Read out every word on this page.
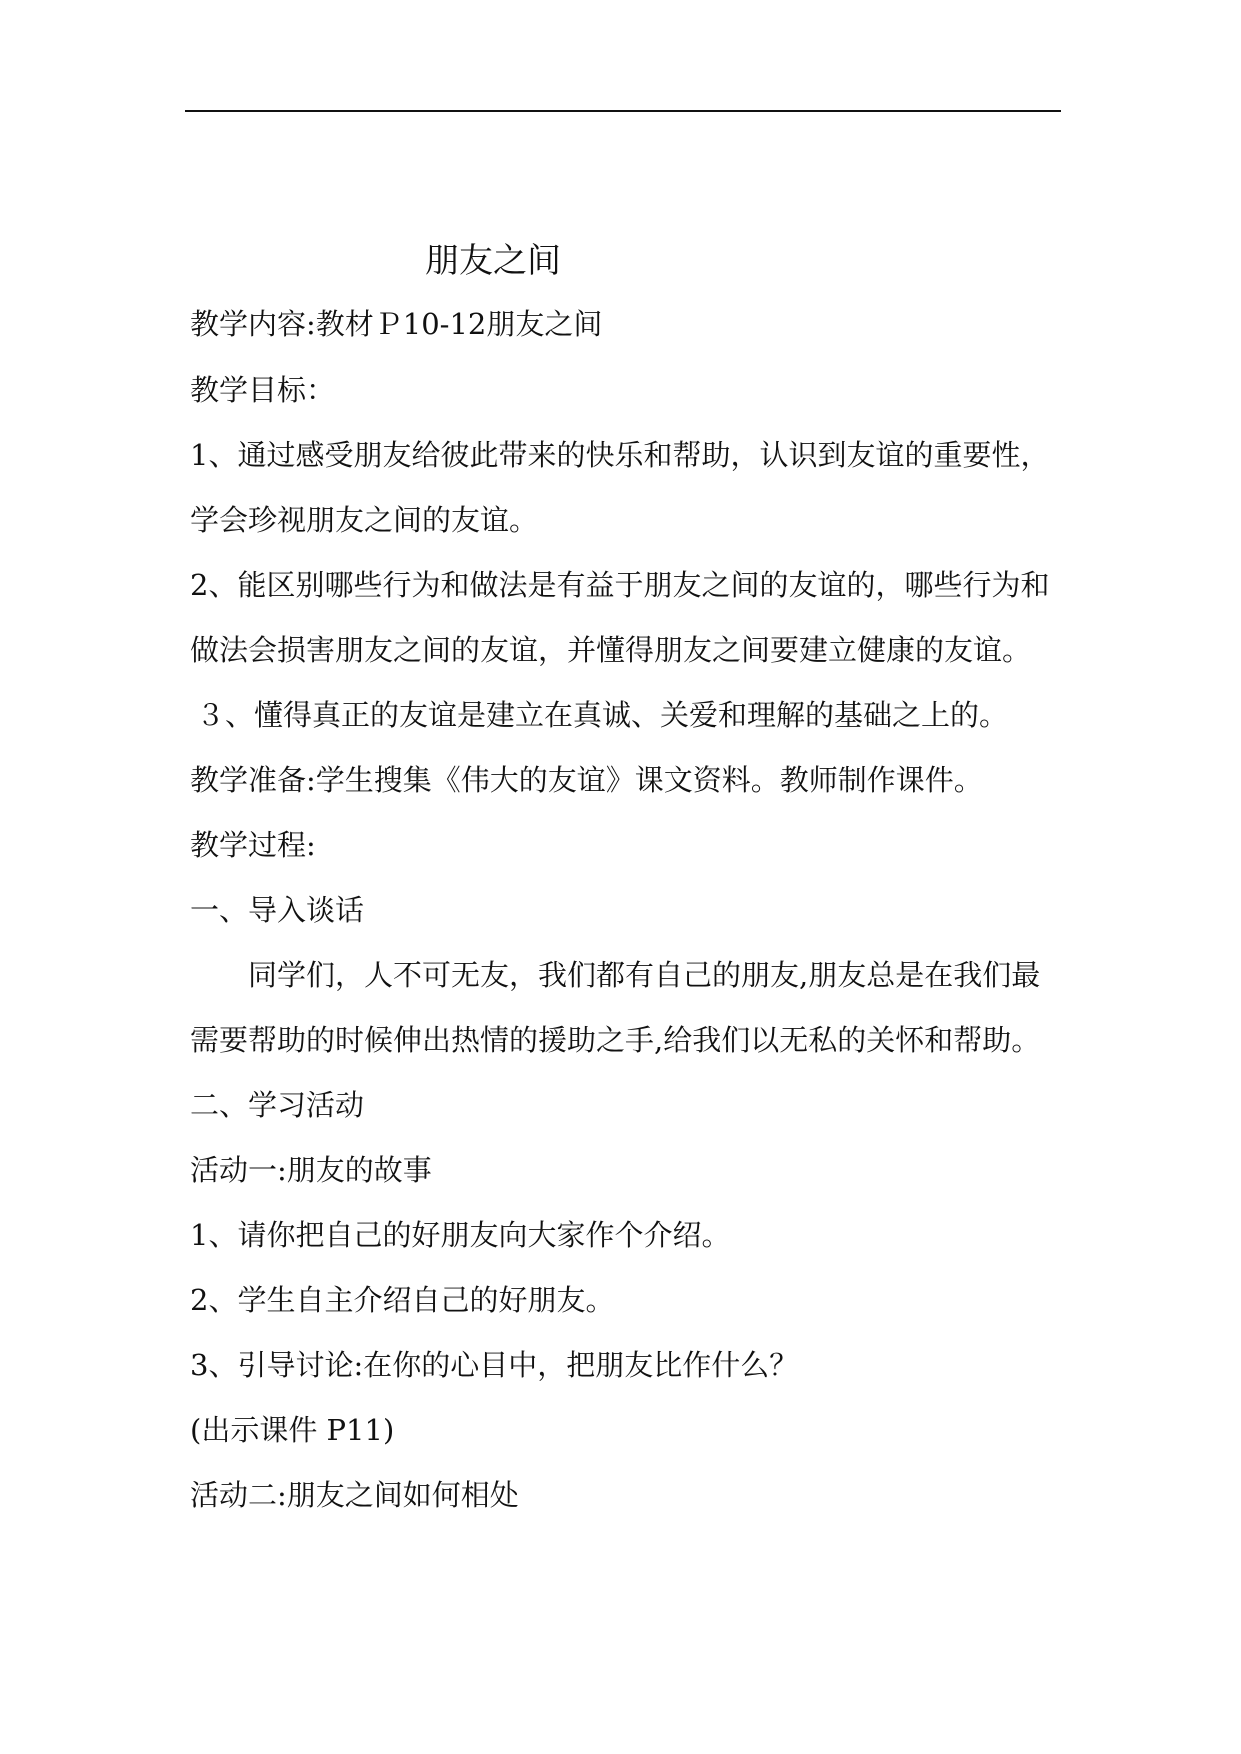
朋友之间
教学内容:教材Ｐ10-12朋友之间
教学目标：
1、通过感受朋友给彼此带来的快乐和帮助，认识到友谊的重要性，
学会珍视朋友之间的友谊。
2、能区别哪些行为和做法是有益于朋友之间的友谊的，哪些行为和
做法会损害朋友之间的友谊，并懂得朋友之间要建立健康的友谊。
３、懂得真正的友谊是建立在真诚、关爱和理解的基础之上的。
教学准备:学生搜集《伟大的友谊》课文资料。教师制作课件。
教学过程:
一、导入谈话
同学们，人不可无友，我们都有自己的朋友,朋友总是在我们最
需要帮助的时候伸出热情的援助之手,给我们以无私的关怀和帮助。
二、学习活动
活动一:朋友的故事
1、请你把自己的好朋友向大家作个介绍。
2、学生自主介绍自己的好朋友。
3、引导讨论:在你的心目中，把朋友比作什么？
(出示课件 P11)
活动二:朋友之间如何相处
